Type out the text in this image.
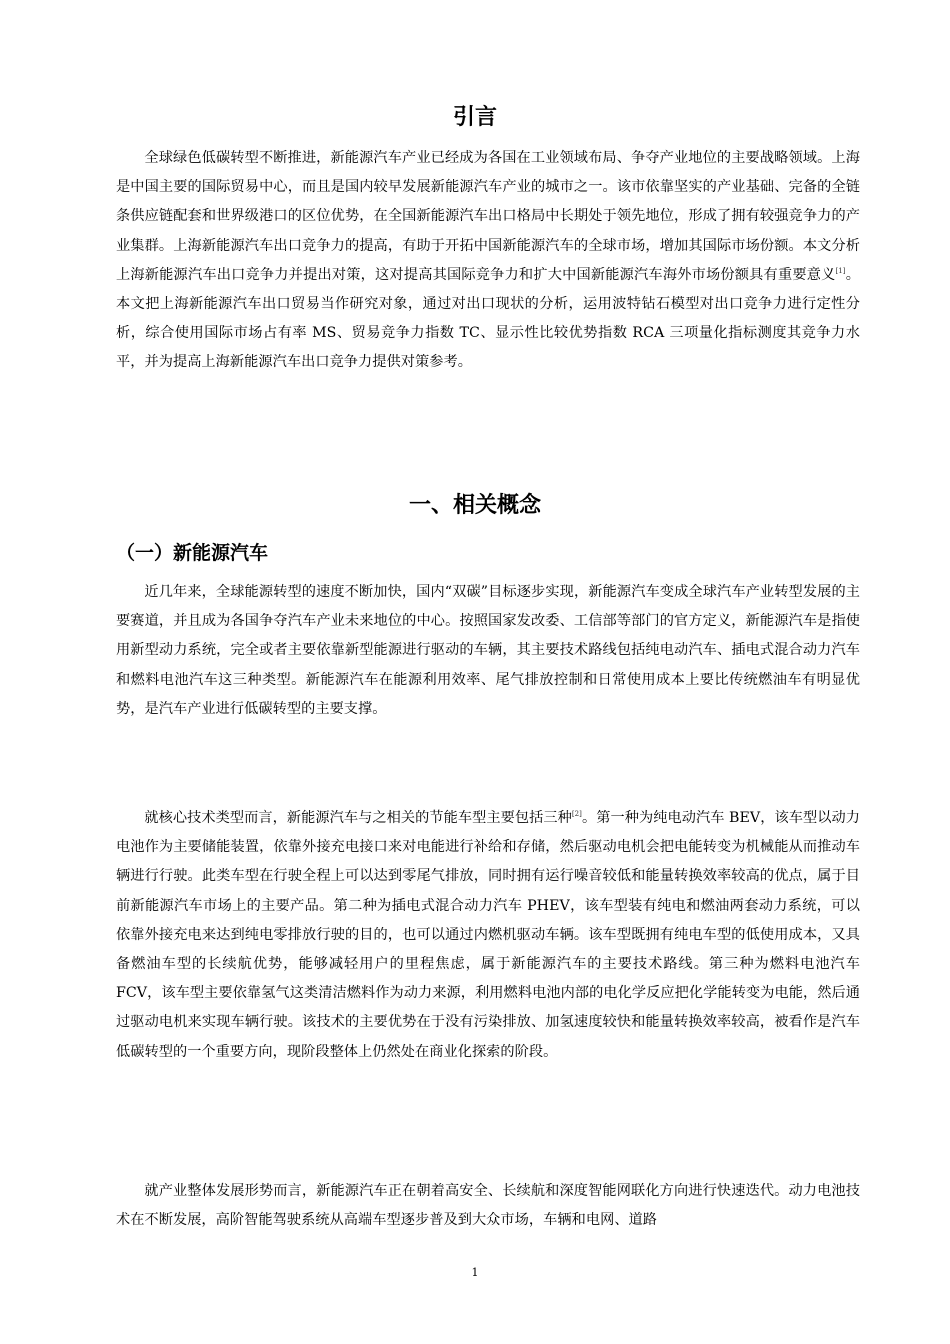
引言

全球绿色低碳转型不断推进，新能源汽车产业已经成为各国在工业领域布局、争夺产业地位的主要战略领域。上海是中国主要的国际贸易中心，而且是国内较早发展新能源汽车产业的城市之一。该市依靠坚实的产业基础、完备的全链条供应链配套和世界级港口的区位优势，在全国新能源汽车出口格局中长期处于领先地位，形成了拥有较强竞争力的产业集群。上海新能源汽车出口竞争力的提高，有助于开拓中国新能源汽车的全球市场，增加其国际市场份额。本文分析上海新能源汽车出口竞争力并提出对策，这对提高其国际竞争力和扩大中国新能源汽车海外市场份额具有重要意义[1]。本文把上海新能源汽车出口贸易当作研究对象，通过对出口现状的分析，运用波特钻石模型对出口竞争力进行定性分析，综合使用国际市场占有率 MS、贸易竞争力指数 TC、显示性比较优势指数 RCA 三项量化指标测度其竞争力水平，并为提高上海新能源汽车出口竞争力提供对策参考。

一、相关概念
（一）新能源汽车

近几年来，全球能源转型的速度不断加快，国内“双碳”目标逐步实现，新能源汽车变成全球汽车产业转型发展的主要赛道，并且成为各国争夺汽车产业未来地位的中心。按照国家发改委、工信部等部门的官方定义，新能源汽车是指使用新型动力系统，完全或者主要依靠新型能源进行驱动的车辆，其主要技术路线包括纯电动汽车、插电式混合动力汽车和燃料电池汽车这三种类型。新能源汽车在能源利用效率、尾气排放控制和日常使用成本上要比传统燃油车有明显优势，是汽车产业进行低碳转型的主要支撑。

就核心技术类型而言，新能源汽车与之相关的节能车型主要包括三种[2]。第一种为纯电动汽车 BEV，该车型以动力电池作为主要储能装置，依靠外接充电接口来对电能进行补给和存储，然后驱动电机会把电能转变为机械能从而推动车辆进行行驶。此类车型在行驶全程上可以达到零尾气排放，同时拥有运行噪音较低和能量转换效率较高的优点，属于目前新能源汽车市场上的主要产品。第二种为插电式混合动力汽车 PHEV，该车型装有纯电和燃油两套动力系统，可以依靠外接充电来达到纯电零排放行驶的目的，也可以通过内燃机驱动车辆。该车型既拥有纯电车型的低使用成本，又具备燃油车型的长续航优势，能够减轻用户的里程焦虑，属于新能源汽车的主要技术路线。第三种为燃料电池汽车 FCV，该车型主要依靠氢气这类清洁燃料作为动力来源，利用燃料电池内部的电化学反应把化学能转变为电能，然后通过驱动电机来实现车辆行驶。该技术的主要优势在于没有污染排放、加氢速度较快和能量转换效率较高，被看作是汽车低碳转型的一个重要方向，现阶段整体上仍然处在商业化探索的阶段。

就产业整体发展形势而言，新能源汽车正在朝着高安全、长续航和深度智能网联化方向进行快速迭代。动力电池技术在不断发展，高阶智能驾驶系统从高端车型逐步普及到大众市场，车辆和电网、道路

1
